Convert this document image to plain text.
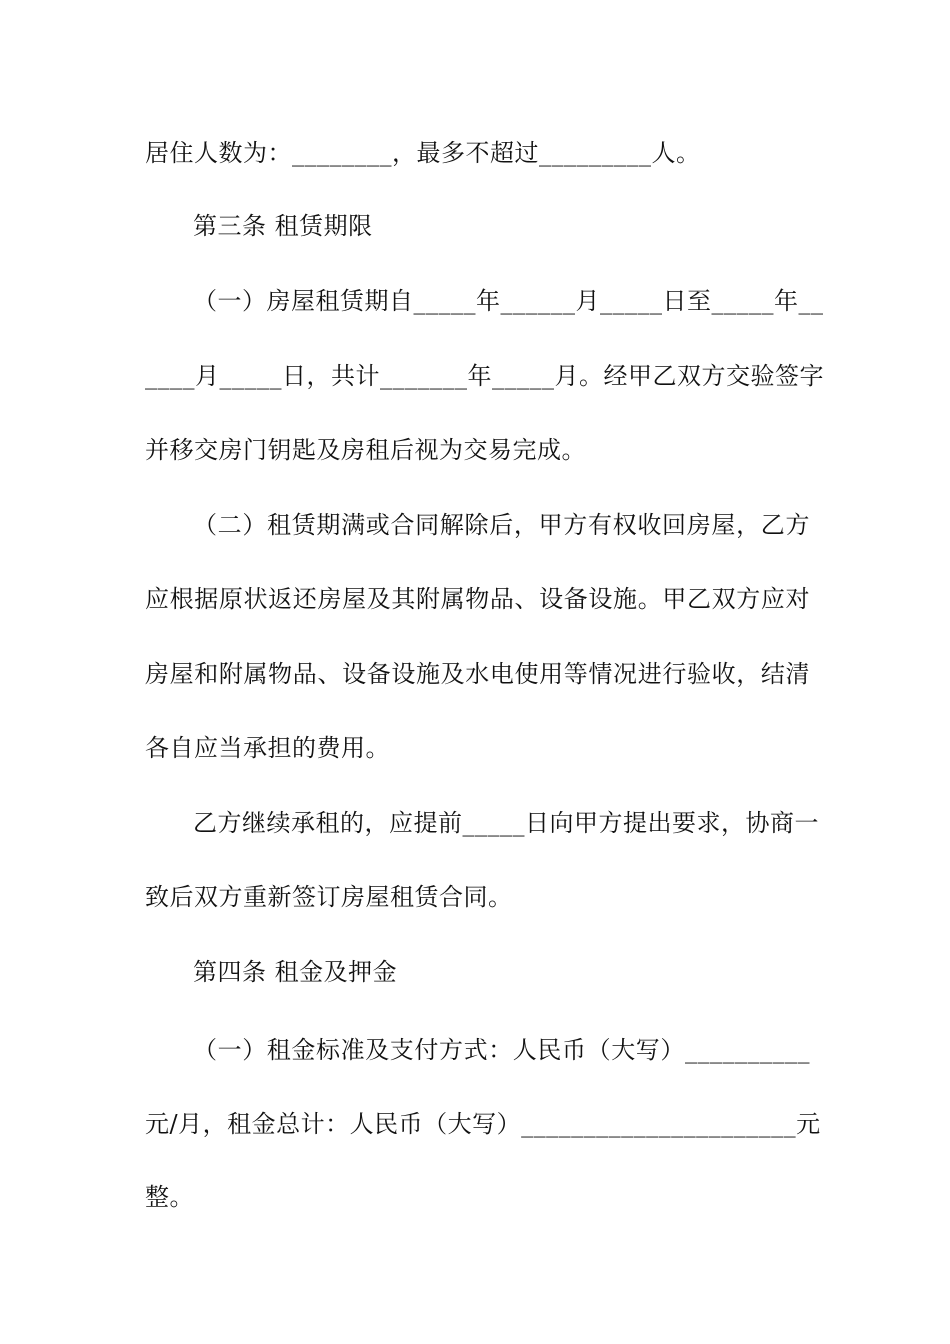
居住人数为：________，最多不超过_________人。
第三条 租赁期限
（一）房屋租赁期自_____年______月_____日至_____年__
____月_____日，共计_______年_____月。经甲乙双方交验签字
并移交房门钥匙及房租后视为交易完成。
（二）租赁期满或合同解除后，甲方有权收回房屋，乙方
应根据原状返还房屋及其附属物品、设备设施。甲乙双方应对
房屋和附属物品、设备设施及水电使用等情况进行验收，结清
各自应当承担的费用。
乙方继续承租的，应提前_____日向甲方提出要求，协商一
致后双方重新签订房屋租赁合同。
第四条 租金及押金
（一）租金标准及支付方式：人民币（大写）__________
元/月，租金总计：人民币（大写）______________________元
整。
